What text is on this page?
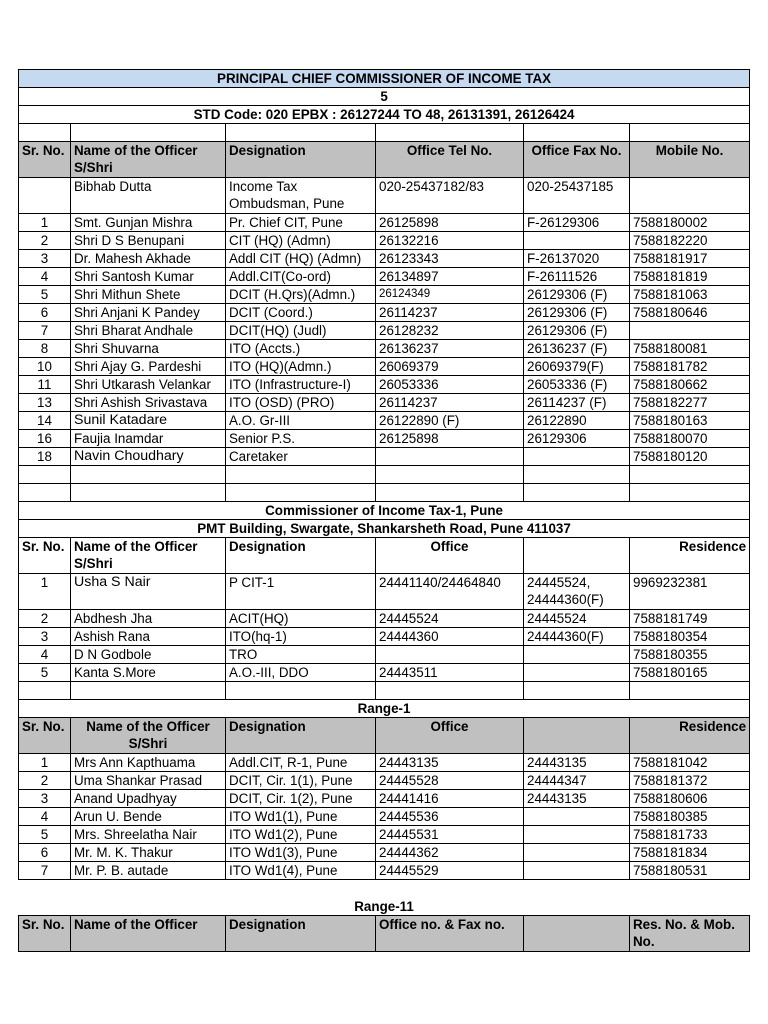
PRINCIPAL CHIEF COMMISSIONER OF INCOME TAX					
5					
STD Code: 020 EPBX : 26127244 TO 48, 26131391, 26126424					

Sr. No.	Name of the Officer S/Shri	Designation	Office Tel No.	Office Fax No.	Mobile No.
	Bibhab Dutta	Income Tax Ombudsman, Pune	020-25437182/83	020-25437185	
1	Smt. Gunjan Mishra	Pr. Chief CIT, Pune	26125898	F-26129306	7588180002
2	Shri D S Benupani	CIT (HQ) (Admn)	26132216		7588182220
3	Dr. Mahesh Akhade	Addl CIT (HQ) (Admn)	26123343	F-26137020	7588181917
4	Shri Santosh Kumar	Addl.CIT(Co-ord)	26134897	F-26111526	7588181819
5	Shri Mithun Shete	DCIT (H.Qrs)(Admn.)	26124349	26129306 (F)	7588181063
6	Shri Anjani K Pandey	DCIT (Coord.)	26114237	26129306 (F)	7588180646
7	Shri Bharat Andhale	DCIT(HQ) (Judl)	26128232	26129306 (F)	
8	Shri Shuvarna	ITO (Accts.)	26136237	26136237 (F)	7588180081
10	Shri Ajay G. Pardeshi	ITO (HQ)(Admn.)	26069379	26069379(F)	7588181782
11	Shri Utkarash Velankar	ITO (Infrastructure-I)	26053336	26053336 (F)	7588180662
13	Shri Ashish Srivastava	ITO (OSD) (PRO)	26114237	26114237 (F)	7588182277
14	Sunil Katadare	A.O. Gr-III	26122890 (F)	26122890	7588180163
16	Faujia Inamdar	Senior P.S.	26125898	26129306	7588180070
18	Navin Choudhary	Caretaker			7588180120

Commissioner of Income Tax-1, Pune					
PMT Building, Swargate, Shankarsheth Road, Pune 411037					
Sr. No.	Name of the Officer S/Shri	Designation	Office		Residence
1	Usha S Nair	P CIT-1	24441140/24464840	24445524, 24444360(F)	9969232381
2	Abdhesh Jha	ACIT(HQ)	24445524	24445524	7588181749
3	Ashish Rana	ITO(hq-1)	24444360	24444360(F)	7588180354
4	D N Godbole	TRO			7588180355
5	Kanta S.More	A.O.-III, DDO	24443511		7588180165

Range-1					
Sr. No.	Name of the Officer S/Shri	Designation	Office		Residence
1	Mrs Ann Kapthuama	Addl.CIT, R-1, Pune	24443135	24443135	7588181042
2	Uma Shankar Prasad	DCIT, Cir. 1(1), Pune	24445528	24444347	7588181372
3	Anand Upadhyay	DCIT, Cir. 1(2), Pune	24441416	24443135	7588180606
4	Arun U. Bende	ITO Wd1(1), Pune	24445536		7588180385
5	Mrs. Shreelatha Nair	ITO Wd1(2), Pune	24445531		7588181733
6	Mr. M. K. Thakur	ITO Wd1(3), Pune	24444362		7588181834
7	Mr. P. B. autade	ITO Wd1(4), Pune	24445529		7588180531
Range-11					
Sr. No.	Name of the Officer	Designation	Office no. & Fax no.		Res. No. & Mob. No.
